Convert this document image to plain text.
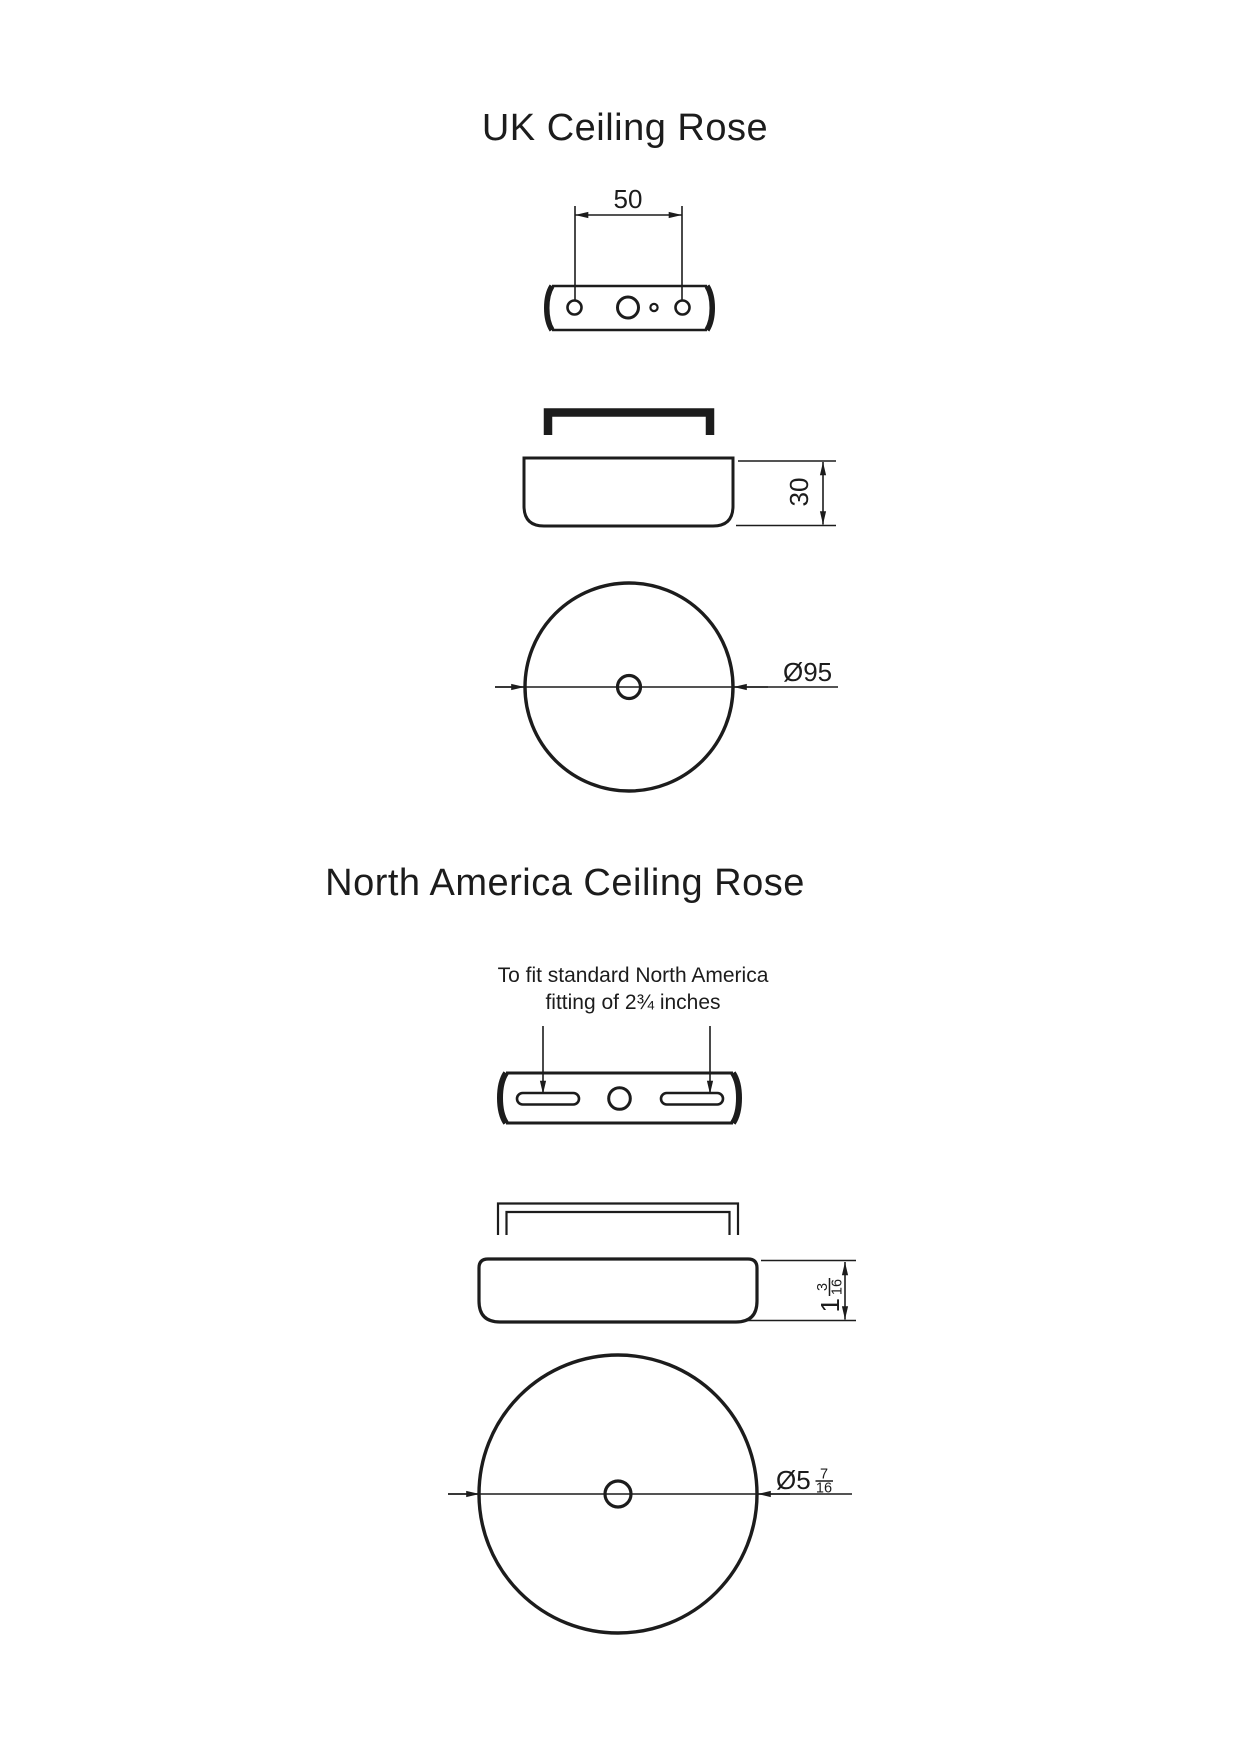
UK Ceiling Rose
50
30
Ø95
North America Ceiling Rose
To fit standard North America
fitting of 2¾ inches
1
3
16
Ø5 7
16
